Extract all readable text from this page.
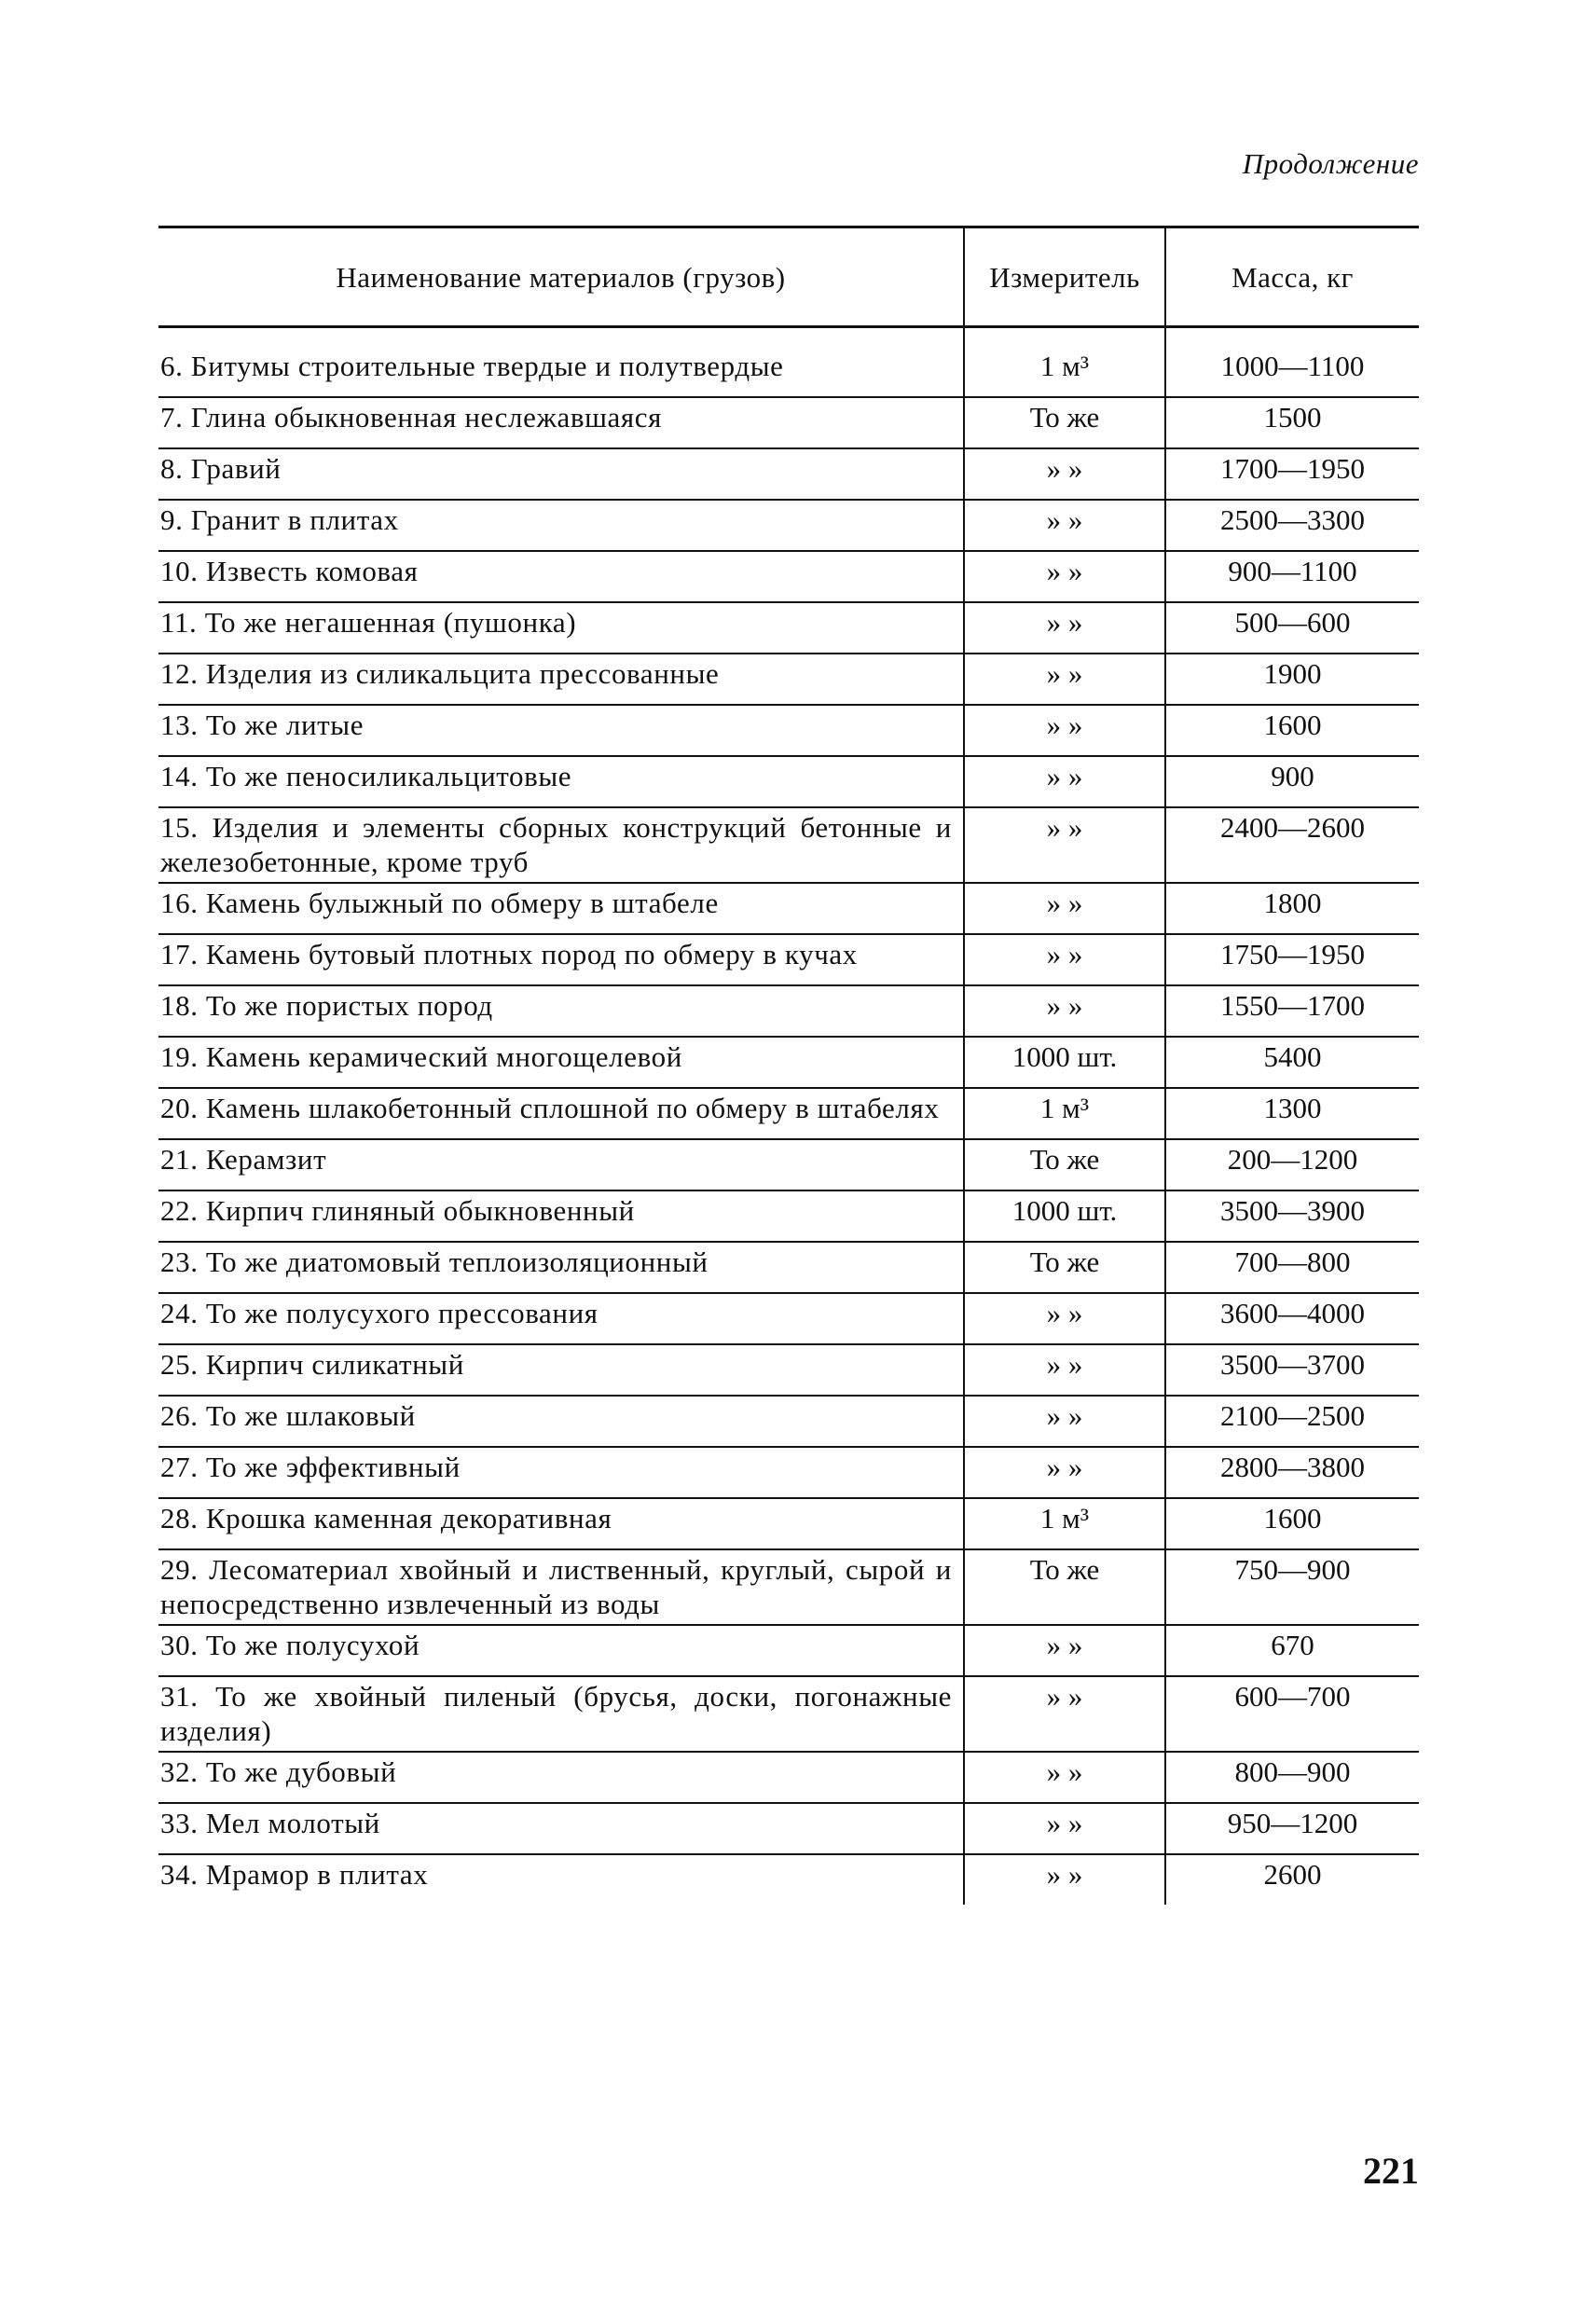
Продолжение
Наименование материалов (грузов)	Измеритель	Масса, кг
6. Битумы строительные твердые и полутвердые	1 м³	1000—1100
7. Глина обыкновенная неслежавшаяся	То же	1500
8. Гравий	» »	1700—1950
9. Гранит в плитах	» »	2500—3300
10. Известь комовая	» »	900—1100
11. То же негашенная (пушонка)	» »	500—600
12. Изделия из силикальцита прессованные	» »	1900
13. То же литые	» »	1600
14. То же пеносиликальцитовые	» »	900
15. Изделия и элементы сборных конструкций бетонные и железобетонные, кроме труб	» »	2400—2600
16. Камень булыжный по обмеру в штабеле	» »	1800
17. Камень бутовый плотных пород по обмеру в кучах	» »	1750—1950
18. То же пористых пород	» »	1550—1700
19. Камень керамический многощелевой	1000 шт.	5400
20. Камень шлакобетонный сплошной по обмеру в штабелях	1 м³	1300
21. Керамзит	То же	200—1200
22. Кирпич глиняный обыкновенный	1000 шт.	3500—3900
23. То же диатомовый теплоизоляционный	То же	700—800
24. То же полусухого прессования	» »	3600—4000
25. Кирпич силикатный	» »	3500—3700
26. То же шлаковый	» »	2100—2500
27. То же эффективный	» »	2800—3800
28. Крошка каменная декоративная	1 м³	1600
29. Лесоматериал хвойный и лиственный, круглый, сырой и непосредственно извлеченный из воды	То же	750—900
30. То же полусухой	» »	670
31. То же хвойный пиленый (брусья, доски, погонажные изделия)	» »	600—700
32. То же дубовый	» »	800—900
33. Мел молотый	» »	950—1200
34. Мрамор в плитах	» »	2600
221
